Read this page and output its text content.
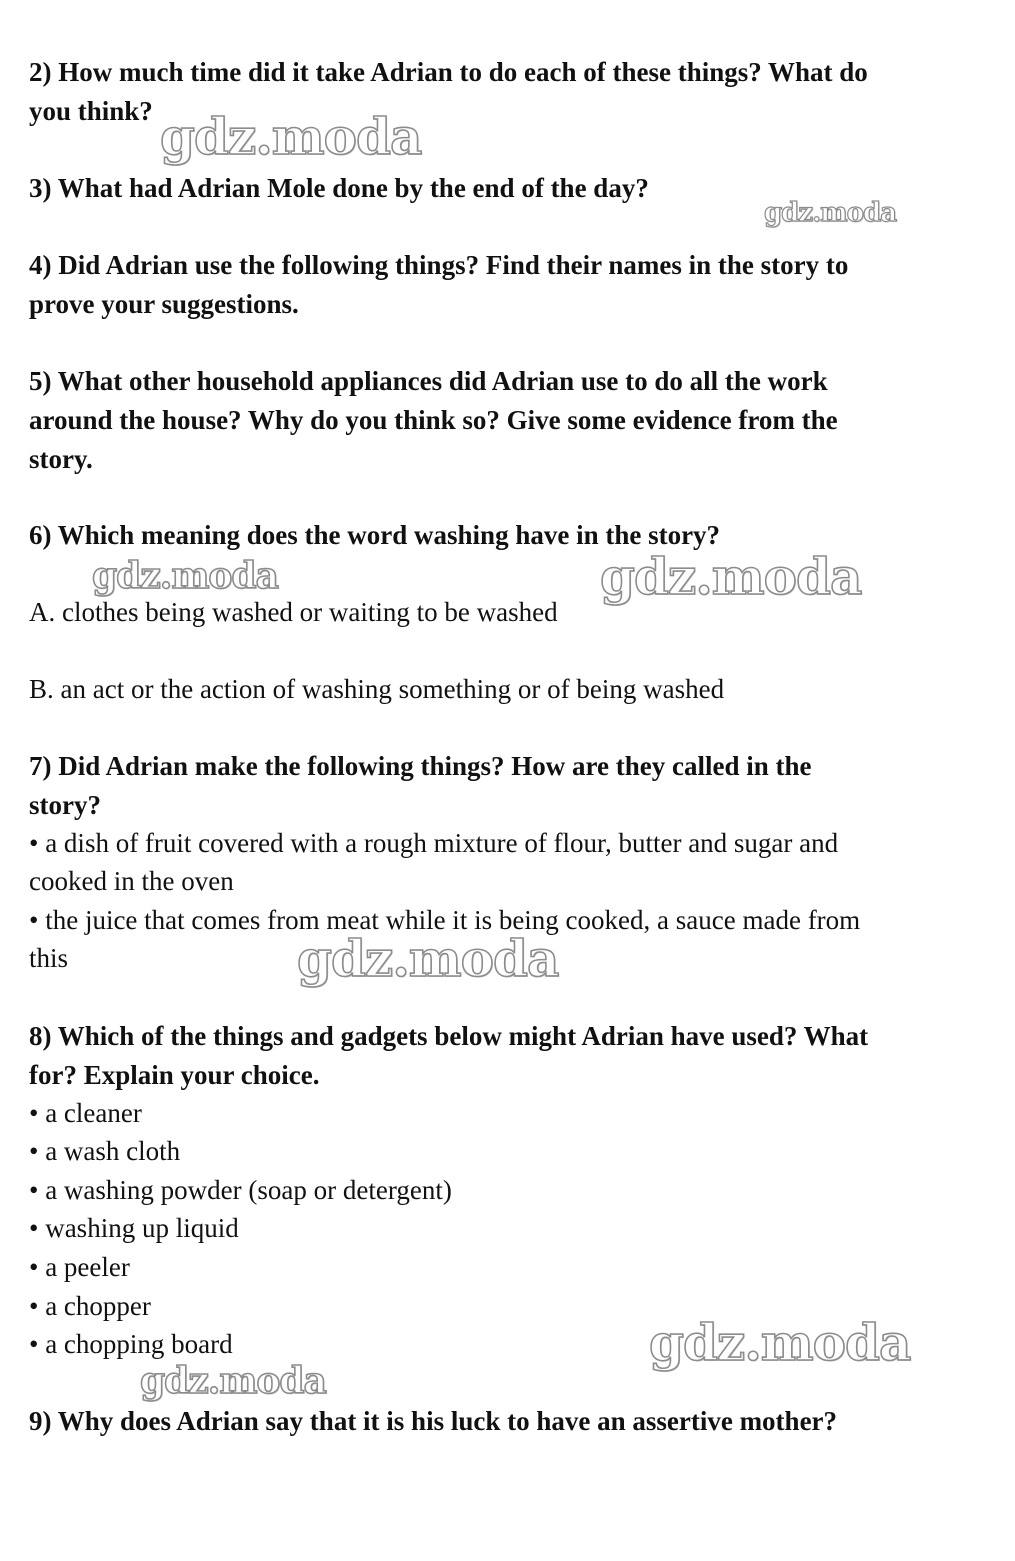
2) How much time did it take Adrian to do each of these things? What do
you think?
3) What had Adrian Mole done by the end of the day?
4) Did Adrian use the following things? Find their names in the story to
prove your suggestions.
5) What other household appliances did Adrian use to do all the work
around the house? Why do you think so? Give some evidence from the
story.
6) Which meaning does the word washing have in the story?
A. clothes being washed or waiting to be washed
B. an act or the action of washing something or of being washed
7) Did Adrian make the following things? How are they called in the
story?
• a dish of fruit covered with a rough mixture of flour, butter and sugar and
cooked in the oven
• the juice that comes from meat while it is being cooked, a sauce made from
this
8) Which of the things and gadgets below might Adrian have used? What
for? Explain your choice.
• a cleaner
• a wash cloth
• a washing powder (soap or detergent)
• washing up liquid
• a peeler
• a chopper
• a chopping board
9) Why does Adrian say that it is his luck to have an assertive mother?
gdz.moda
gdz.moda
gdz.moda	gdz.moda
gdz.moda
gdz.moda
gdz.moda
